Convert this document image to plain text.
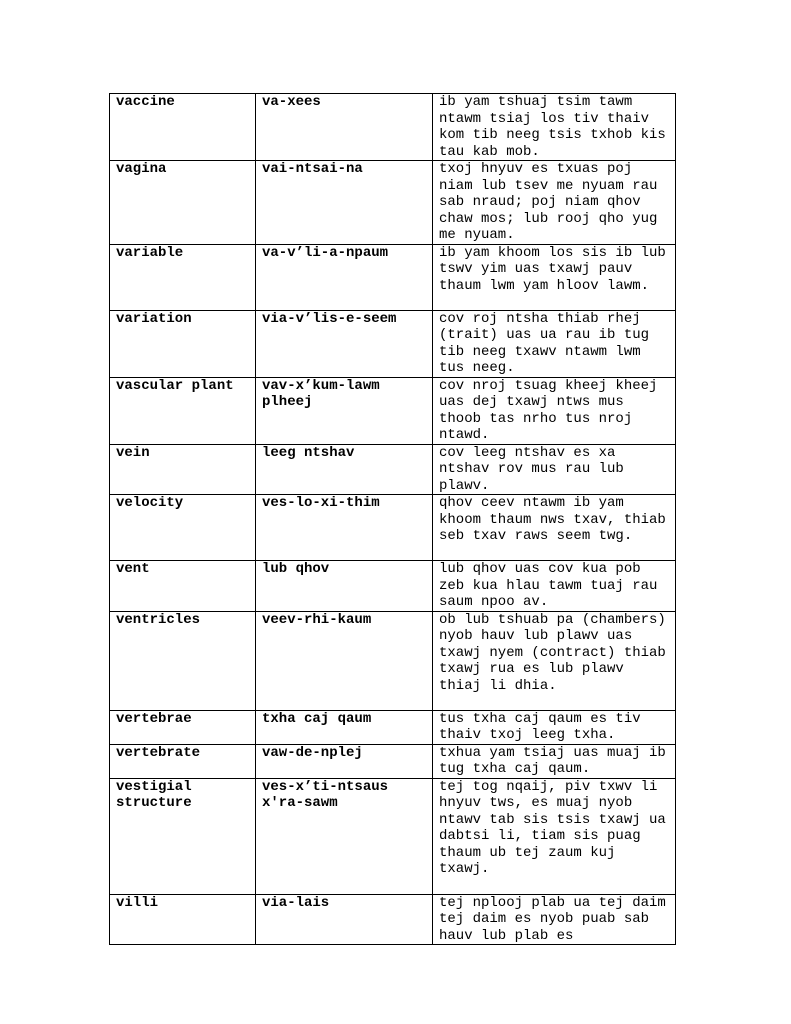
vaccine	va-xees	ib yam tshuaj tsim tawm ntawm tsiaj los tiv thaiv kom tib neeg tsis txhob kis tau kab mob.
vagina	vai-ntsai-na	txoj hnyuv es txuas poj niam lub tsev me nyuam rau sab nraud; poj niam qhov chaw mos; lub rooj qho yug me nyuam.
variable	va-v’li-a-npaum	ib yam khoom los sis ib lub tswv yim uas txawj pauv thaum lwm yam hloov lawm.
variation	via-v’lis-e-seem	cov roj ntsha thiab rhej (trait) uas ua rau ib tug tib neeg txawv ntawm lwm tus neeg.
vascular plant	vav-x’kum-lawm plheej	cov nroj tsuag kheej kheej uas dej txawj ntws mus thoob tas nrho tus nroj ntawd.
vein	leeg ntshav	cov leeg ntshav es xa ntshav rov mus rau lub plawv.
velocity	ves-lo-xi-thim	qhov ceev ntawm ib yam khoom thaum nws txav, thiab seb txav raws seem twg.
vent	lub qhov	lub qhov uas cov kua pob zeb kua hlau tawm tuaj rau saum npoo av.
ventricles	veev-rhi-kaum	ob lub tshuab pa (chambers) nyob hauv lub plawv uas txawj nyem (contract) thiab txawj rua es lub plawv thiaj li dhia.
vertebrae	txha caj qaum	tus txha caj qaum es tiv thaiv txoj leeg txha.
vertebrate	vaw-de-nplej	txhua yam tsiaj uas muaj ib tug txha caj qaum.
vestigial structure	ves-x’ti-ntsaus x'ra-sawm	tej tog nqaij, piv txwv li hnyuv tws, es muaj nyob ntawv tab sis tsis txawj ua dabtsi li, tiam sis puag thaum ub tej zaum kuj txawj.
villi	via-lais	tej nplooj plab ua tej daim tej daim es nyob puab sab hauv lub plab es
